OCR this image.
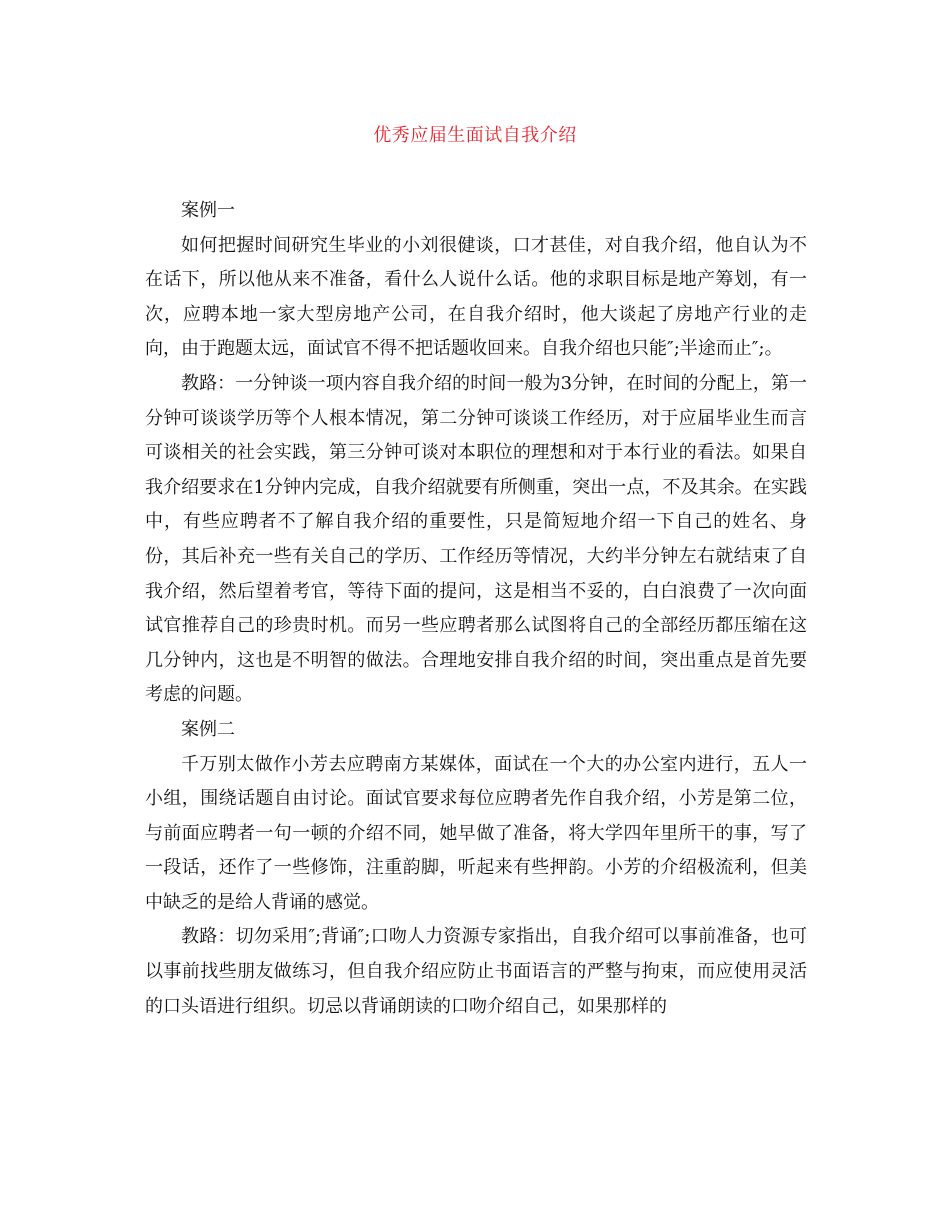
优秀应届生面试自我介绍

案例一

如何把握时间研究生毕业的小刘很健谈，口才甚佳，对自我介绍，他自认为不在话下，所以他从来不准备，看什么人说什么话。他的求职目标是地产筹划，有一次，应聘本地一家大型房地产公司，在自我介绍时，他大谈起了房地产行业的走向，由于跑题太远，面试官不得不把话题收回来。自我介绍也只能″;半途而止″;。

教路：一分钟谈一项内容自我介绍的时间一般为3分钟，在时间的分配上，第一分钟可谈谈学历等个人根本情况，第二分钟可谈谈工作经历，对于应届毕业生而言可谈相关的社会实践，第三分钟可谈对本职位的理想和对于本行业的看法。如果自我介绍要求在1分钟内完成，自我介绍就要有所侧重，突出一点，不及其余。在实践中，有些应聘者不了解自我介绍的重要性，只是简短地介绍一下自己的姓名、身份，其后补充一些有关自己的学历、工作经历等情况，大约半分钟左右就结束了自我介绍，然后望着考官，等待下面的提问，这是相当不妥的，白白浪费了一次向面试官推荐自己的珍贵时机。而另一些应聘者那么试图将自己的全部经历都压缩在这几分钟内，这也是不明智的做法。合理地安排自我介绍的时间，突出重点是首先要考虑的问题。

案例二

千万别太做作小芳去应聘南方某媒体，面试在一个大的办公室内进行，五人一小组，围绕话题自由讨论。面试官要求每位应聘者先作自我介绍，小芳是第二位，与前面应聘者一句一顿的介绍不同，她早做了准备，将大学四年里所干的事，写了一段话，还作了一些修饰，注重韵脚，听起来有些押韵。小芳的介绍极流利，但美中缺乏的是给人背诵的感觉。

教路：切勿采用″;背诵″;口吻人力资源专家指出，自我介绍可以事前准备，也可以事前找些朋友做练习，但自我介绍应防止书面语言的严整与拘束，而应使用灵活的口头语进行组织。切忌以背诵朗读的口吻介绍自己，如果那样的
